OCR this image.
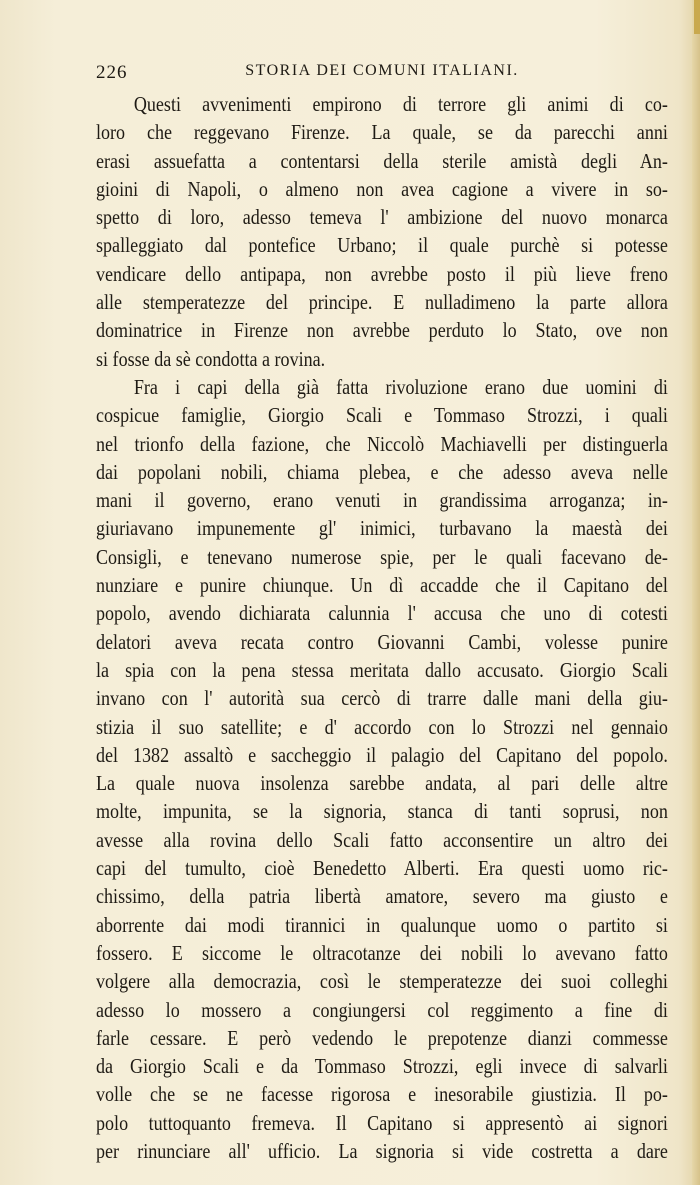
226	STORIA DEI COMUNI ITALIANI.
Questi avvenimenti empirono di terrore gli animi di co-
loro che reggevano Firenze. La quale, se da parecchi anni
erasi assuefatta a contentarsi della sterile amistà degli An-
gioini di Napoli, o almeno non avea cagione a vivere in so-
spetto di loro, adesso temeva l' ambizione del nuovo monarca
spalleggiato dal pontefice Urbano; il quale purchè si potesse
vendicare dello antipapa, non avrebbe posto il più lieve freno
alle stemperatezze del principe. E nulladimeno la parte allora
dominatrice in Firenze non avrebbe perduto lo Stato, ove non
si fosse da sè condotta a rovina.
Fra i capi della già fatta rivoluzione erano due uomini di
cospicue famiglie, Giorgio Scali e Tommaso Strozzi, i quali
nel trionfo della fazione, che Niccolò Machiavelli per distinguerla
dai popolani nobili, chiama plebea, e che adesso aveva nelle
mani il governo, erano venuti in grandissima arroganza; in-
giuriavano impunemente gl' inimici, turbavano la maestà dei
Consigli, e tenevano numerose spie, per le quali facevano de-
nunziare e punire chiunque. Un dì accadde che il Capitano del
popolo, avendo dichiarata calunnia l' accusa che uno di cotesti
delatori aveva recata contro Giovanni Cambi, volesse punire
la spia con la pena stessa meritata dallo accusato. Giorgio Scali
invano con l' autorità sua cercò di trarre dalle mani della giu-
stizia il suo satellite; e d' accordo con lo Strozzi nel gennaio
del 1382 assaltò e saccheggio il palagio del Capitano del popolo.
La quale nuova insolenza sarebbe andata, al pari delle altre
molte, impunita, se la signoria, stanca di tanti soprusi, non
avesse alla rovina dello Scali fatto acconsentire un altro dei
capi del tumulto, cioè Benedetto Alberti. Era questi uomo ric-
chissimo, della patria libertà amatore, severo ma giusto e
aborrente dai modi tirannici in qualunque uomo o partito si
fossero. E siccome le oltracotanze dei nobili lo avevano fatto
volgere alla democrazia, così le stemperatezze dei suoi colleghi
adesso lo mossero a congiungersi col reggimento a fine di
farle cessare. E però vedendo le prepotenze dianzi commesse
da Giorgio Scali e da Tommaso Strozzi, egli invece di salvarli
volle che se ne facesse rigorosa e inesorabile giustizia. Il po-
polo tuttoquanto fremeva. Il Capitano si appresentò ai signori
per rinunciare all' ufficio. La signoria si vide costretta a dare
